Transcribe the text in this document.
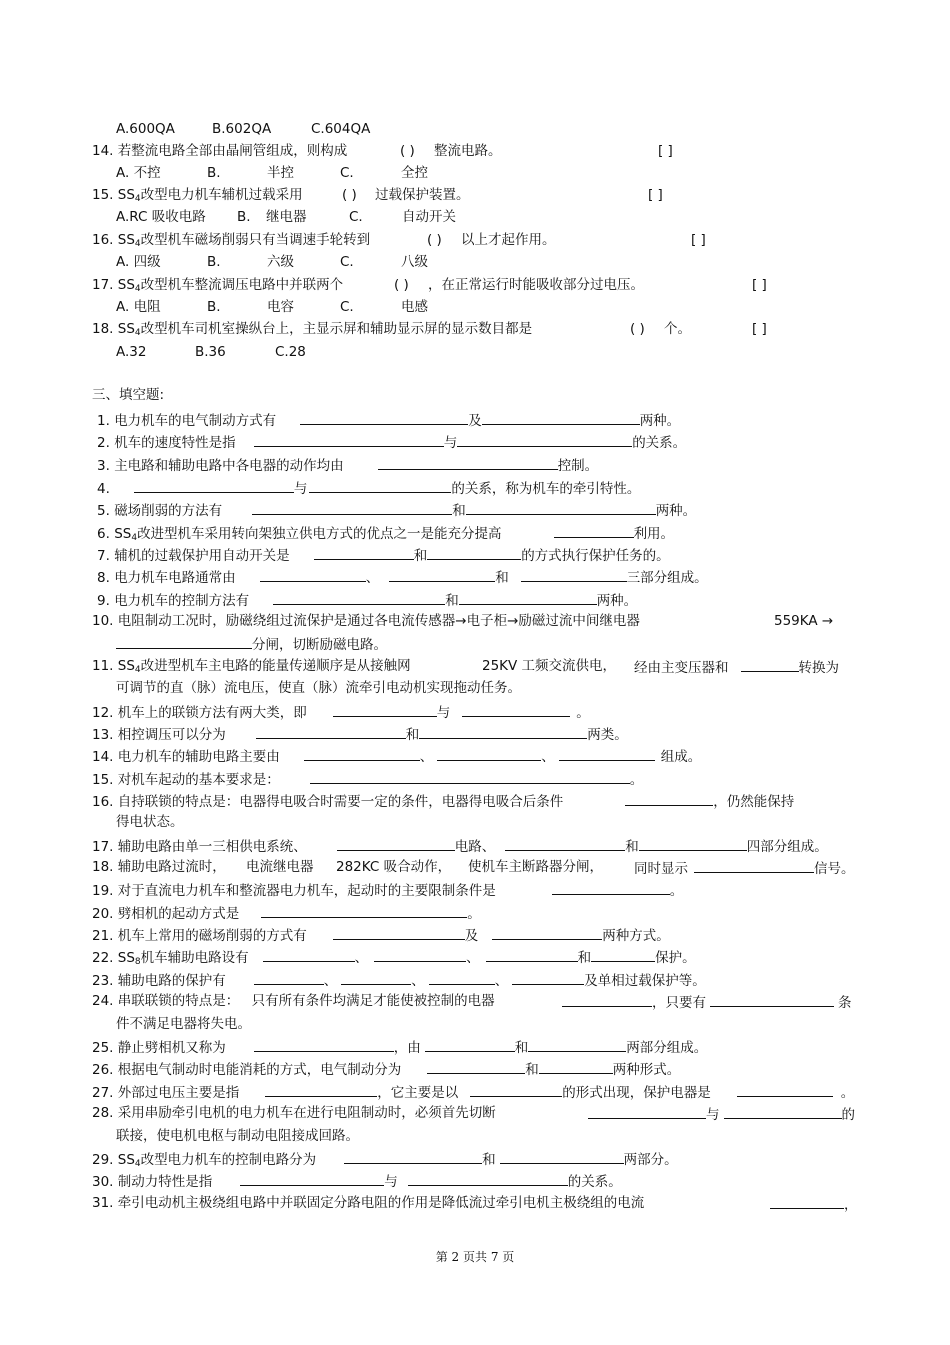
A.600QA	B.602QA	C.604QA
14. 若整流电路全部由晶闸管组成，则构成	( ) 整流电路。	[ ]
A. 不控	B.	半控	C.	全控
15. $SS_4$改型电力机车辅机过载采用	( ) 过载保护装置。	[ ]
A.RC 吸收电路 B. 继电器	C.	自动开关
16. $SS_4$改型机车磁场削弱只有当调速手轮转到	( ) 以上才起作用。	[ ]
A. 四级	B.	六级	C.	八级
17. $SS_4$改型机车整流调压电路中并联两个	( ) ，在正常运行时能吸收部分过电压。	[ ]
A. 电阻	B.	电容	C.	电感
18. $SS_4$改型机车司机室操纵台上，主显示屏和辅助显示屏的显示数目都是	( ) 个。	[ ]
A.32	B.36	C.28
三、填空题:
1. 电力机车的电气制动方式有	及	两种。
2. 机车的速度特性是指	与	的关系。
3. 主电路和辅助电路中各电器的动作均由	控制。
4.	与	的关系，称为机车的牵引特性。
5. 磁场削弱的方法有	和	两种。
6. $SS_4$改进型机车采用转向架独立供电方式的优点之一是能充分提高	利用。
7. 辅机的过载保护用自动开关是	和	的方式执行保护任务的。
8. 电力机车电路通常由	、	和	三部分组成。
9. 电力机车的控制方法有	和	两种。
10. 电阻制动工况时，励磁绕组过流保护是通过各电流传感器→电子柜→励磁过流中间继电器	559KA →
分闸，切断励磁电路。
11. $SS_4$改进型机车主电路的能量传递顺序是从接触网	25KV 工频交流供电， 经由主变压器和	转换为
可调节的直（脉）流电压，使直（脉）流牵引电动机实现拖动任务。
12. 机车上的联锁方法有两大类，即	与	。
13. 相控调压可以分为	和	两类。
14. 电力机车的辅助电路主要由	、	、	组成。
15. 对机车起动的基本要求是：	。
16. 自持联锁的特点是：电器得电吸合时需要一定的条件，电器得电吸合后条件	，仍然能保持
得电状态。
17. 辅助电路由单一三相供电系统、	电路、	和	四部分组成。
18. 辅助电路过流时， 电流继电器 282KC 吸合动作， 使机车主断路器分闸， 同时显示	信号。
19. 对于直流电力机车和整流器电力机车，起动时的主要限制条件是	。
20. 劈相机的起动方式是	。
21. 机车上常用的磁场削弱的方式有	及	两种方式。
22. $SS_8$机车辅助电路设有	、	、	和	保护。
23. 辅助电路的保护有	、	、	、	及单相过载保护等。
24. 串联联锁的特点是： 只有所有条件均满足才能使被控制的电器	，只要有	条
件不满足电器将失电。
25. 静止劈相机又称为	，由	和	两部分组成。
26. 根据电气制动时电能消耗的方式，电气制动分为	和	两种形式。
27. 外部过电压主要是指	，它主要是以	的形式出现，保护电器是	。
28. 采用串励牵引电机的电力机车在进行电阻制动时，必须首先切断	与	的
联接，使电机电枢与制动电阻接成回路。
29. $SS_4$改型电力机车的控制电路分为	和	两部分。
30. 制动力特性是指	与	的关系。
31. 牵引电动机主极绕组电路中并联固定分路电阻的作用是降低流过牵引电机主极绕组的电流	，
第 2 页共 7 页
